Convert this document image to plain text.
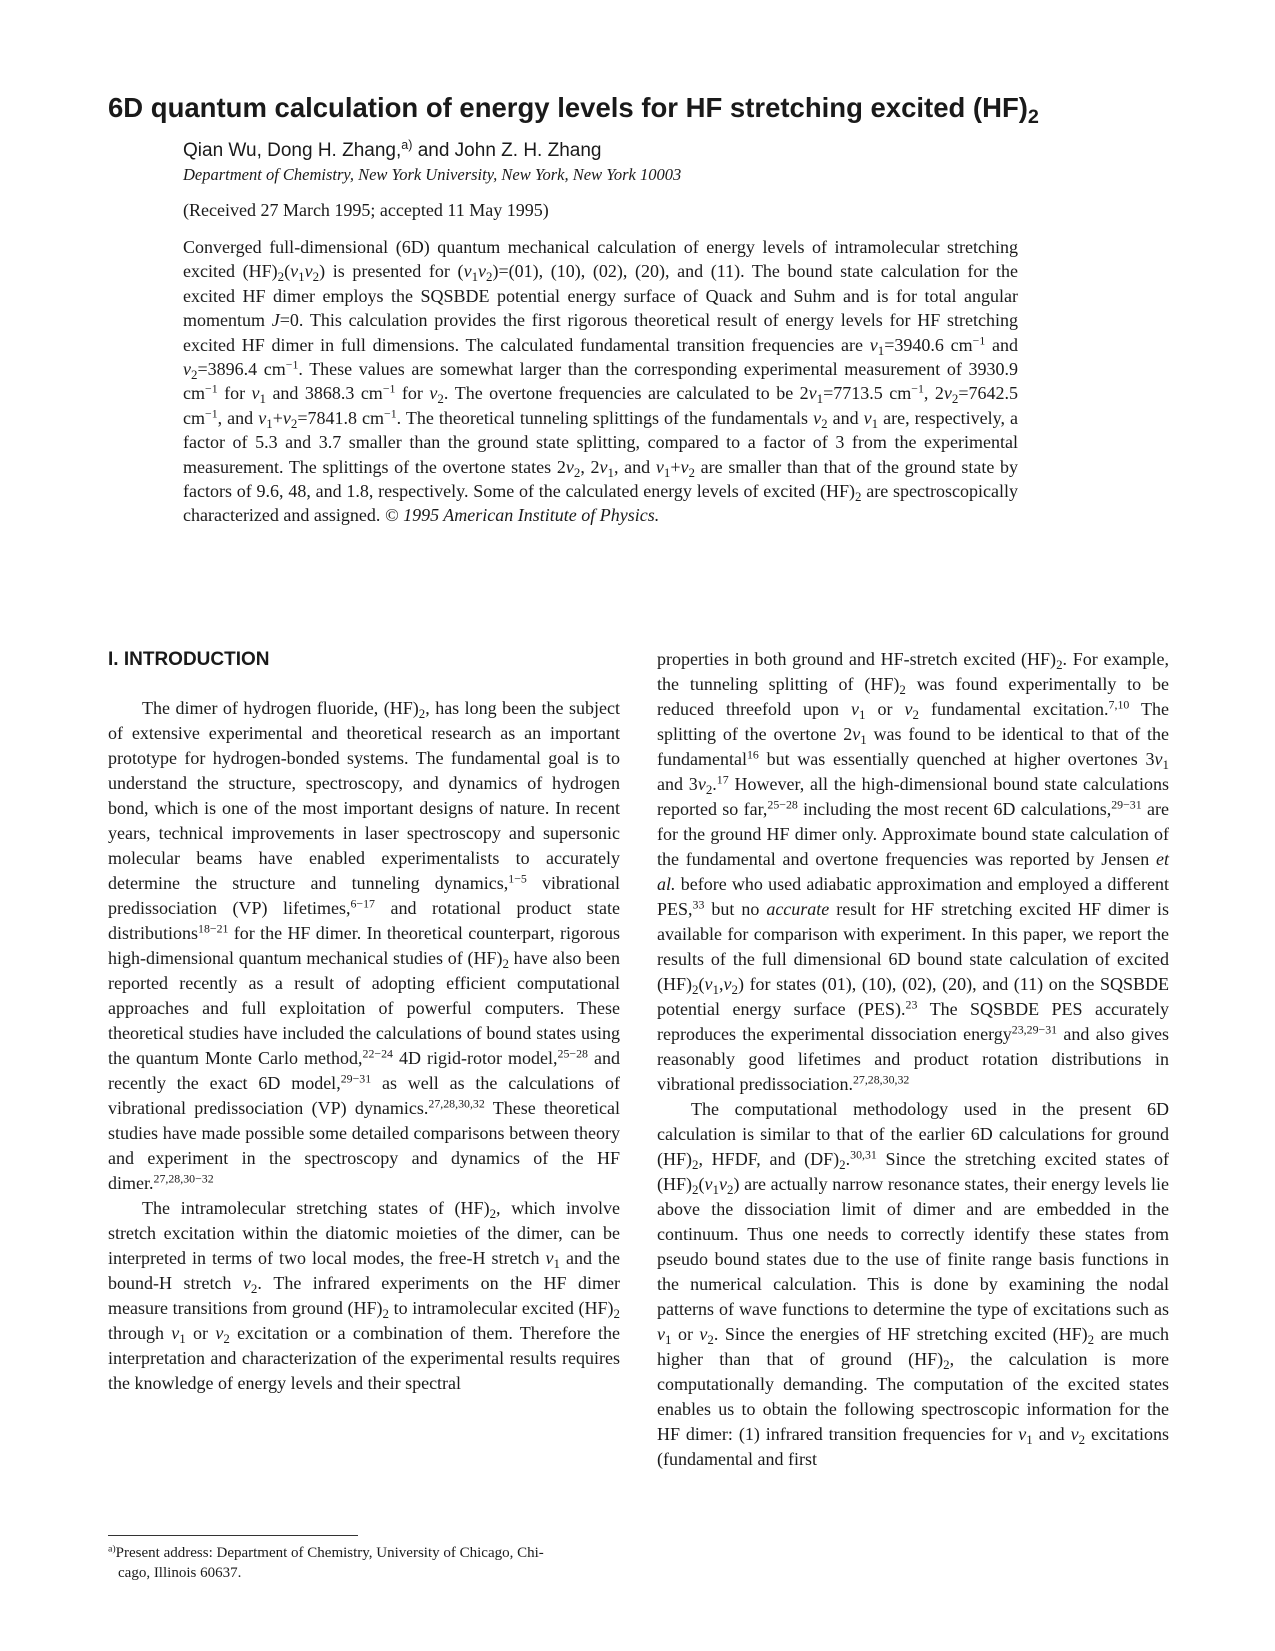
6D quantum calculation of energy levels for HF stretching excited $(HF)_2$
Qian Wu, Dong H. Zhang,$^{a)}$ and John Z. H. Zhang
Department of Chemistry, New York University, New York, New York 10003
(Received 27 March 1995; accepted 11 May 1995)

Converged full-dimensional (6D) quantum mechanical calculation of energy levels of intramolecular stretching excited $(HF)_2(\nu_1\nu_2)$ is presented for $(\nu_1\nu_2)=(01)$, (10), (02), (20), and (11). The bound state calculation for the excited HF dimer employs the SQSBDE potential energy surface of Quack and Suhm and is for total angular momentum J=0. This calculation provides the first rigorous theoretical result of energy levels for HF stretching excited HF dimer in full dimensions. The calculated fundamental transition frequencies are $\nu_1=3940.6$ $cm^{-1}$ and $\nu_2=3896.4$ $cm^{-1}$. These values are somewhat larger than the corresponding experimental measurement of 3930.9 $cm^{-1}$ for $\nu_1$ and 3868.3 $cm^{-1}$ for $\nu_2$. The overtone frequencies are calculated to be $2\nu_1=7713.5$ $cm^{-1}$, $2\nu_2=7642.5$ $cm^{-1}$, and $\nu_1+\nu_2=7841.8$ $cm^{-1}$. The theoretical tunneling splittings of the fundamentals $\nu_2$ and $\nu_1$ are, respectively, a factor of 5.3 and 3.7 smaller than the ground state splitting, compared to a factor of 3 from the experimental measurement. The splittings of the overtone states $2\nu_2$, $2\nu_1$, and $\nu_1+\nu_2$ are smaller than that of the ground state by factors of 9.6, 48, and 1.8, respectively. Some of the calculated energy levels of excited $(HF)_2$ are spectroscopically characterized and assigned. © 1995 American Institute of Physics.

I. INTRODUCTION

The dimer of hydrogen fluoride, $(HF)_2$, has long been the subject of extensive experimental and theoretical research as an important prototype for hydrogen-bonded systems. The fundamental goal is to understand the structure, spectroscopy, and dynamics of hydrogen bond, which is one of the most important designs of nature. In recent years, technical improvements in laser spectroscopy and supersonic molecular beams have enabled experimentalists to accurately determine the structure and tunneling dynamics,$^{1-5}$ vibrational predissociation (VP) lifetimes,$^{6-17}$ and rotational product state distributions$^{18-21}$ for the HF dimer. In theoretical counterpart, rigorous high-dimensional quantum mechanical studies of $(HF)_2$ have also been reported recently as a result of adopting efficient computational approaches and full exploitation of powerful computers. These theoretical studies have included the calculations of bound states using the quantum Monte Carlo method,$^{22-24}$ 4D rigid-rotor model,$^{25-28}$ and recently the exact 6D model,$^{29-31}$ as well as the calculations of vibrational predissociation (VP) dynamics.$^{27,28,30,32}$ These theoretical studies have made possible some detailed comparisons between theory and experiment in the spectroscopy and dynamics of the HF dimer.$^{27,28,30-32}$

The intramolecular stretching states of $(HF)_2$, which involve stretch excitation within the diatomic moieties of the dimer, can be interpreted in terms of two local modes, the free-H stretch $\nu_1$ and the bound-H stretch $\nu_2$. The infrared experiments on the HF dimer measure transitions from ground $(HF)_2$ to intramolecular excited $(HF)_2$ through $\nu_1$ or $\nu_2$ excitation or a combination of them. Therefore the interpretation and characterization of the experimental results requires the knowledge of energy levels and their spectral

properties in both ground and HF-stretch excited $(HF)_2$. For example, the tunneling splitting of $(HF)_2$ was found experimentally to be reduced threefold upon $\nu_1$ or $\nu_2$ fundamental excitation.$^{7,10}$ The splitting of the overtone $2\nu_1$ was found to be identical to that of the fundamental$^{16}$ but was essentially quenched at higher overtones $3\nu_1$ and $3\nu_2.^{17}$ However, all the high-dimensional bound state calculations reported so far,$^{25-28}$ including the most recent 6D calculations,$^{29-31}$ are for the ground HF dimer only. Approximate bound state calculation of the fundamental and overtone frequencies was reported by Jensen et al. before who used adiabatic approximation and employed a different PES,$^{33}$ but no accurate result for HF stretching excited HF dimer is available for comparison with experiment. In this paper, we report the results of the full dimensional 6D bound state calculation of excited $(HF)_2(\nu_1,\nu_2)$ for states (01), (10), (02), (20), and (11) on the SQSBDE potential energy surface (PES).$^{23}$ The SQSBDE PES accurately reproduces the experimental dissociation energy$^{23,29-31}$ and also gives reasonably good lifetimes and product rotation distributions in vibrational predissociation.$^{27,28,30,32}$

The computational methodology used in the present 6D calculation is similar to that of the earlier 6D calculations for ground $(HF)_2$, HFDF, and $(DF)_2.^{30,31}$ Since the stretching excited states of $(HF)_2(\nu_1\nu_2)$ are actually narrow resonance states, their energy levels lie above the dissociation limit of dimer and are embedded in the continuum. Thus one needs to correctly identify these states from pseudo bound states due to the use of finite range basis functions in the numerical calculation. This is done by examining the nodal patterns of wave functions to determine the type of excitations such as $\nu_1$ or $\nu_2$. Since the energies of HF stretching excited $(HF)_2$ are much higher than that of ground $(HF)_2$, the calculation is more computationally demanding. The computation of the excited states enables us to obtain the following spectroscopic information for the HF dimer: (1) infrared transition frequencies for $\nu_1$ and $\nu_2$ excitations (fundamental and first

$^{a)}$Present address: Department of Chemistry, University of Chicago, Chi-
cago, Illinois 60637.
